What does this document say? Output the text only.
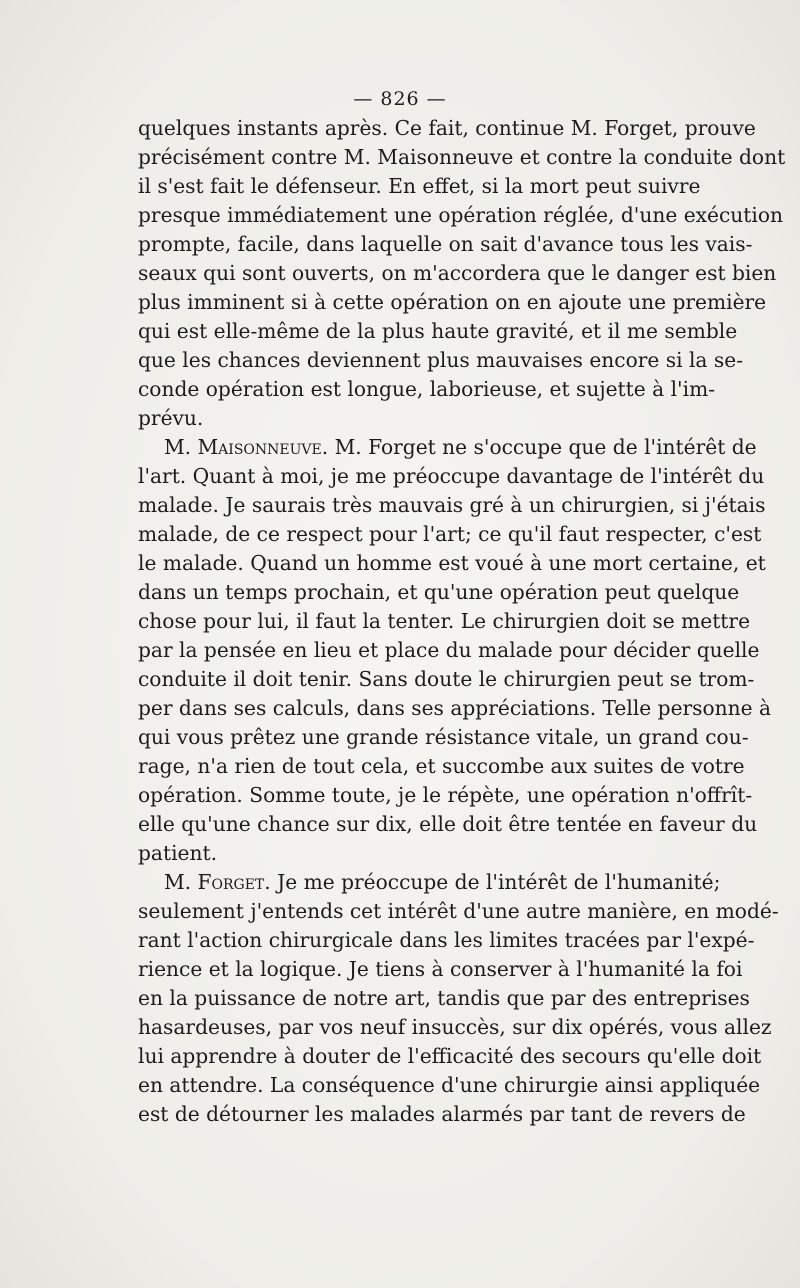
— 826 —
quelques instants après. Ce fait, continue M. Forget, prouve
précisément contre M. Maisonneuve et contre la conduite dont
il s'est fait le défenseur. En effet, si la mort peut suivre
presque immédiatement une opération réglée, d'une exécution
prompte, facile, dans laquelle on sait d'avance tous les vais-
seaux qui sont ouverts, on m'accordera que le danger est bien
plus imminent si à cette opération on en ajoute une première
qui est elle-même de la plus haute gravité, et il me semble
que les chances deviennent plus mauvaises encore si la se-
conde opération est longue, laborieuse, et sujette à l'im-
prévu.
M. Maisonneuve. M. Forget ne s'occupe que de l'intérêt de
l'art. Quant à moi, je me préoccupe davantage de l'intérêt du
malade. Je saurais très mauvais gré à un chirurgien, si j'étais
malade, de ce respect pour l'art; ce qu'il faut respecter, c'est
le malade. Quand un homme est voué à une mort certaine, et
dans un temps prochain, et qu'une opération peut quelque
chose pour lui, il faut la tenter. Le chirurgien doit se mettre
par la pensée en lieu et place du malade pour décider quelle
conduite il doit tenir. Sans doute le chirurgien peut se trom-
per dans ses calculs, dans ses appréciations. Telle personne à
qui vous prêtez une grande résistance vitale, un grand cou-
rage, n'a rien de tout cela, et succombe aux suites de votre
opération. Somme toute, je le répète, une opération n'offrît-
elle qu'une chance sur dix, elle doit être tentée en faveur du
patient.
M. Forget. Je me préoccupe de l'intérêt de l'humanité;
seulement j'entends cet intérêt d'une autre manière, en modé-
rant l'action chirurgicale dans les limites tracées par l'expé-
rience et la logique. Je tiens à conserver à l'humanité la foi
en la puissance de notre art, tandis que par des entreprises
hasardeuses, par vos neuf insuccès, sur dix opérés, vous allez
lui apprendre à douter de l'efficacité des secours qu'elle doit
en attendre. La conséquence d'une chirurgie ainsi appliquée
est de détourner les malades alarmés par tant de revers de
